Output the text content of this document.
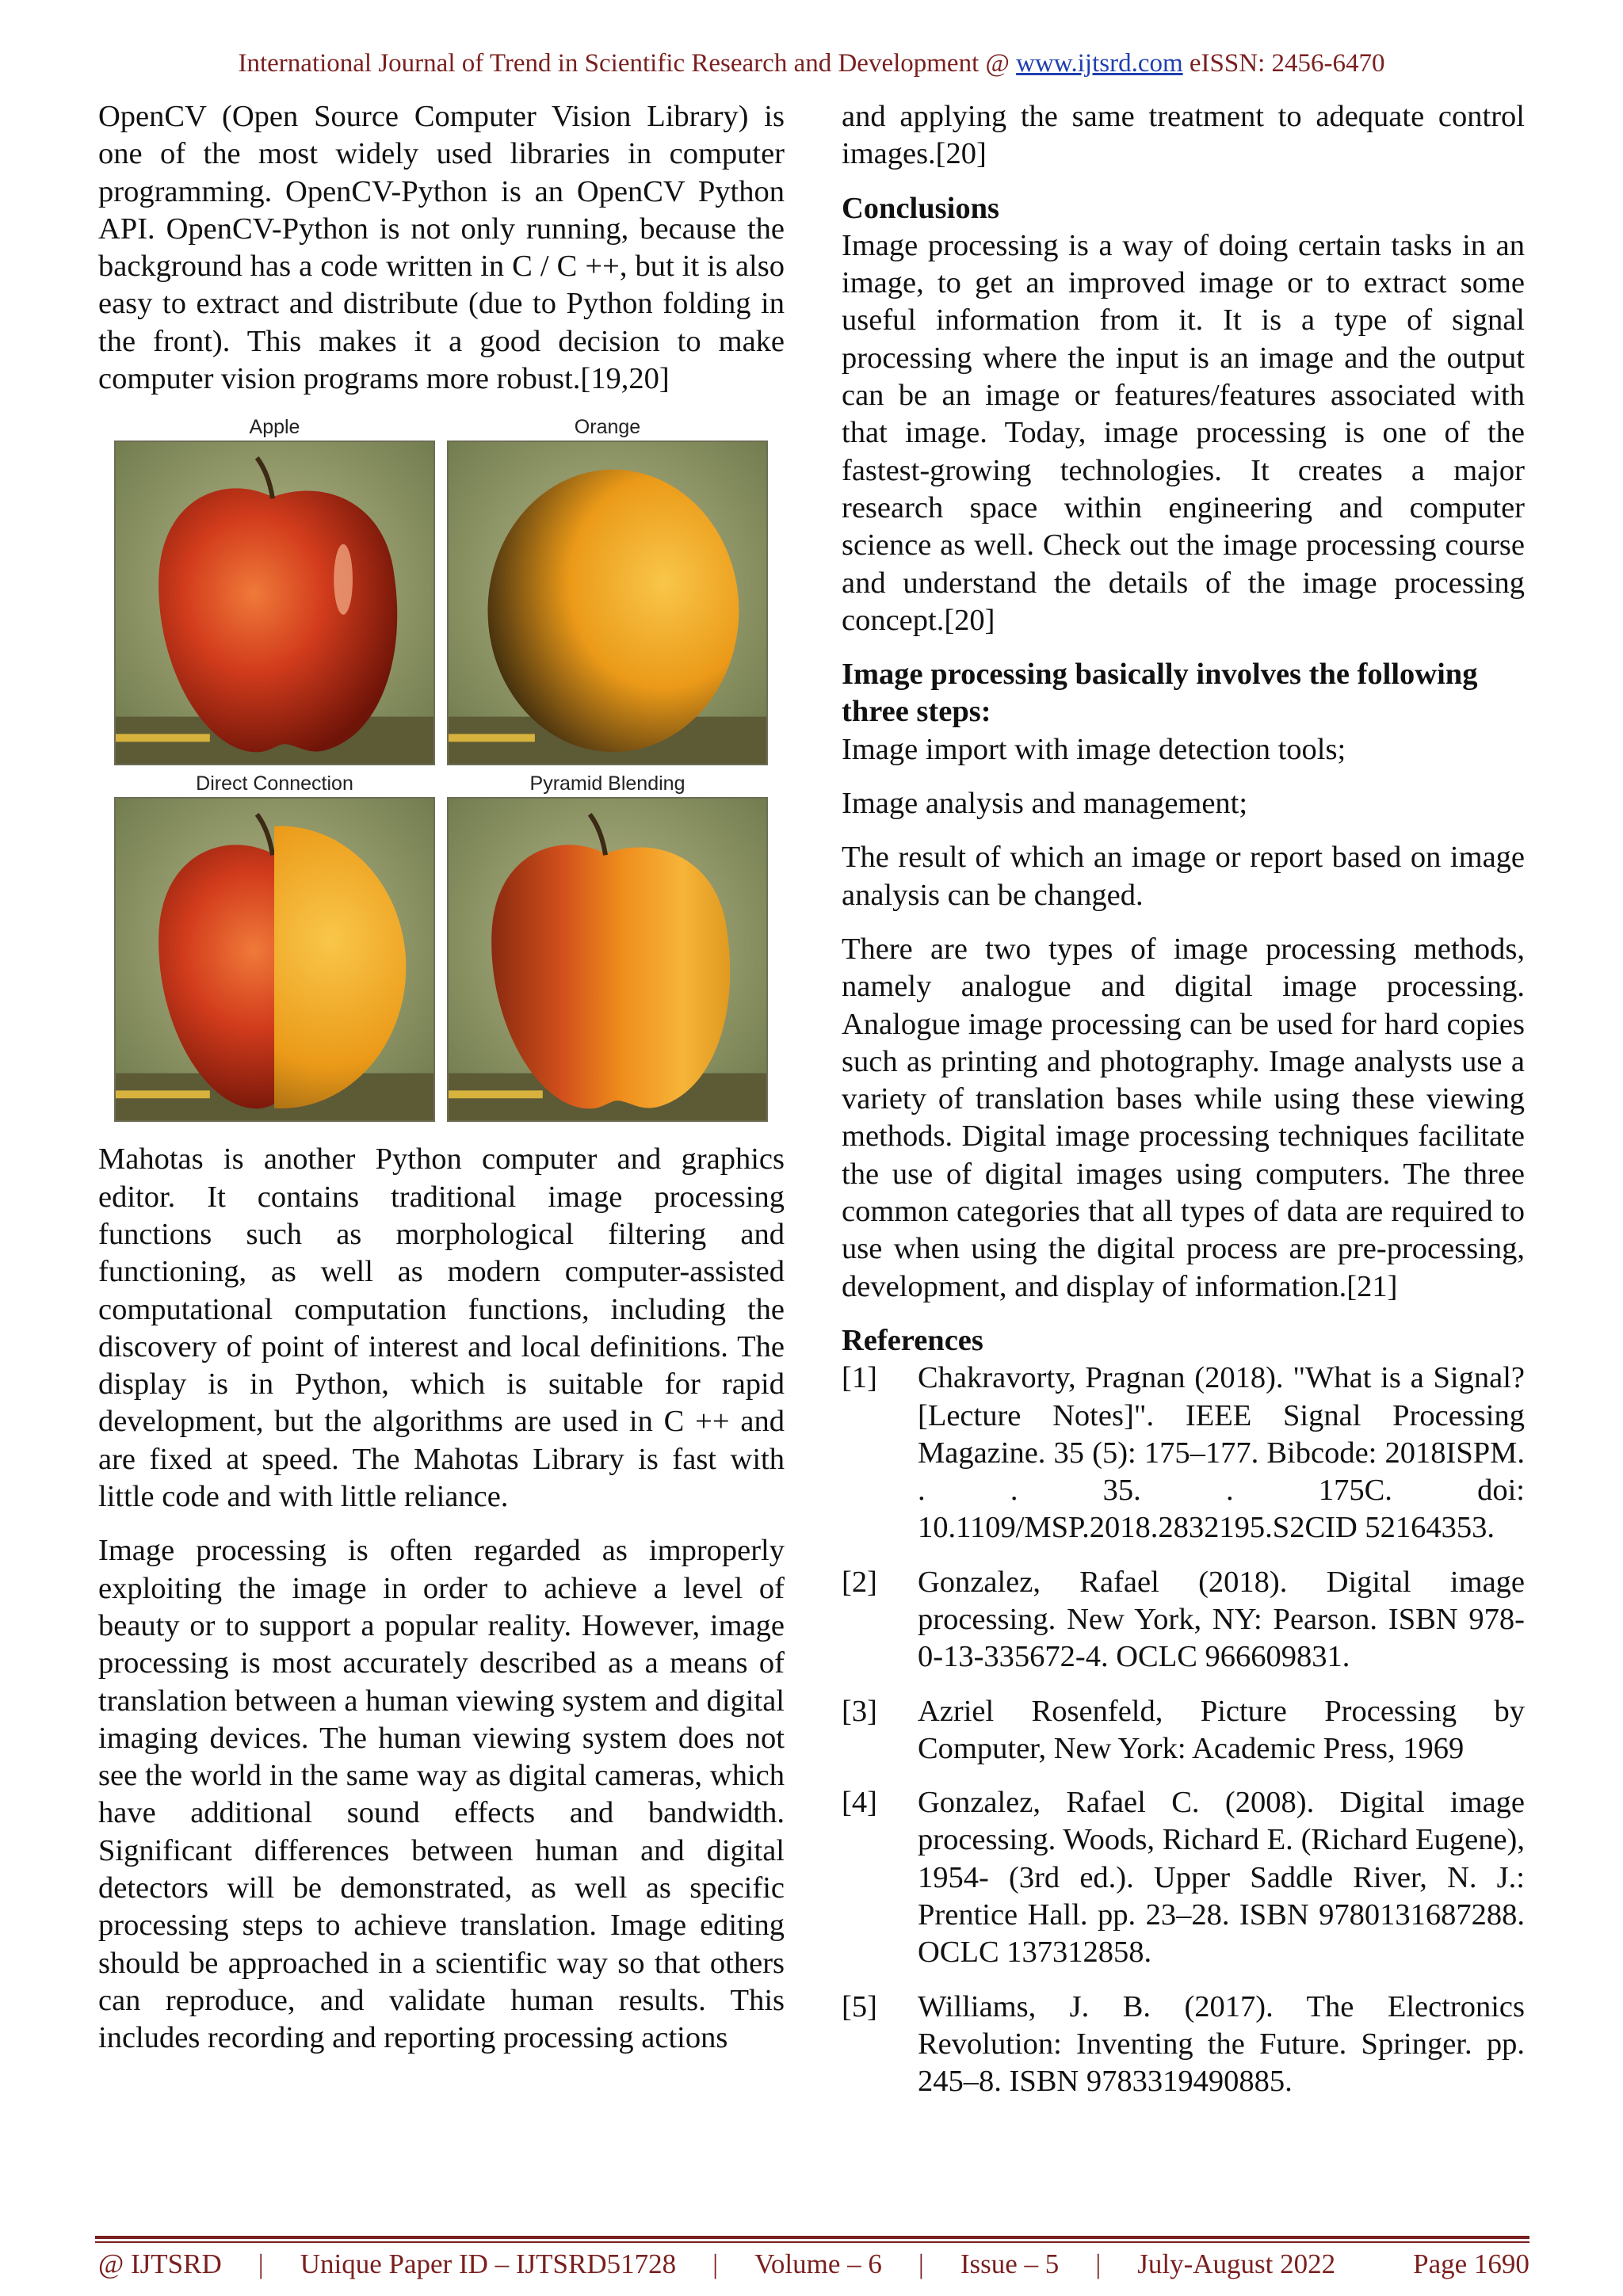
International Journal of Trend in Scientific Research and Development @ www.ijtsrd.com eISSN: 2456-6470

OpenCV (Open Source Computer Vision Library) is one of the most widely used libraries in computer programming. OpenCV-Python is an OpenCV Python API. OpenCV-Python is not only running, because the background has a code written in C / C ++, but it is also easy to extract and distribute (due to Python folding in the front). This makes it a good decision to make computer vision programs more robust.[19,20]

Apple	Orange
Direct Connection	Pyramid Blending

Mahotas is another Python computer and graphics editor. It contains traditional image processing functions such as morphological filtering and functioning, as well as modern computer-assisted computational computation functions, including the discovery of point of interest and local definitions. The display is in Python, which is suitable for rapid development, but the algorithms are used in C ++ and are fixed at speed. The Mahotas Library is fast with little code and with little reliance.

Image processing is often regarded as improperly exploiting the image in order to achieve a level of beauty or to support a popular reality. However, image processing is most accurately described as a means of translation between a human viewing system and digital imaging devices. The human viewing system does not see the world in the same way as digital cameras, which have additional sound effects and bandwidth. Significant differences between human and digital detectors will be demonstrated, as well as specific processing steps to achieve translation. Image editing should be approached in a scientific way so that others can reproduce, and validate human results. This includes recording and reporting processing actions

and applying the same treatment to adequate control images.[20]

Conclusions

Image processing is a way of doing certain tasks in an image, to get an improved image or to extract some useful information from it. It is a type of signal processing where the input is an image and the output can be an image or features/features associated with that image. Today, image processing is one of the fastest-growing technologies. It creates a major research space within engineering and computer science as well. Check out the image processing course and understand the details of the image processing concept.[20]

Image processing basically involves the following three steps:

Image import with image detection tools;

Image analysis and management;

The result of which an image or report based on image analysis can be changed.

There are two types of image processing methods, namely analogue and digital image processing. Analogue image processing can be used for hard copies such as printing and photography. Image analysts use a variety of translation bases while using these viewing methods. Digital image processing techniques facilitate the use of digital images using computers. The three common categories that all types of data are required to use when using the digital process are pre-processing, development, and display of information.[21]

References
[1]	Chakravorty, Pragnan (2018). "What is a Signal? [Lecture Notes]". IEEE Signal Processing Magazine. 35 (5): 175–177. Bibcode: 2018ISPM. . . 35. . 175C. doi: 10.1109/MSP.2018.2832195.S2CID 52164353.
[2]	Gonzalez, Rafael (2018). Digital image processing. New York, NY: Pearson. ISBN 978-0-13-335672-4. OCLC 966609831.
[3]	Azriel Rosenfeld, Picture Processing by Computer, New York: Academic Press, 1969
[4]	Gonzalez, Rafael C. (2008). Digital image processing. Woods, Richard E. (Richard Eugene), 1954- (3rd ed.). Upper Saddle River, N. J.: Prentice Hall. pp. 23–28. ISBN 9780131687288. OCLC 137312858.
[5]	Williams, J. B. (2017). The Electronics Revolution: Inventing the Future. Springer. pp. 245–8. ISBN 9783319490885.
@ IJTSRD	|	Unique Paper ID – IJTSRD51728	|	Volume – 6	|	Issue – 5	|	July-August 2022	Page 1690
